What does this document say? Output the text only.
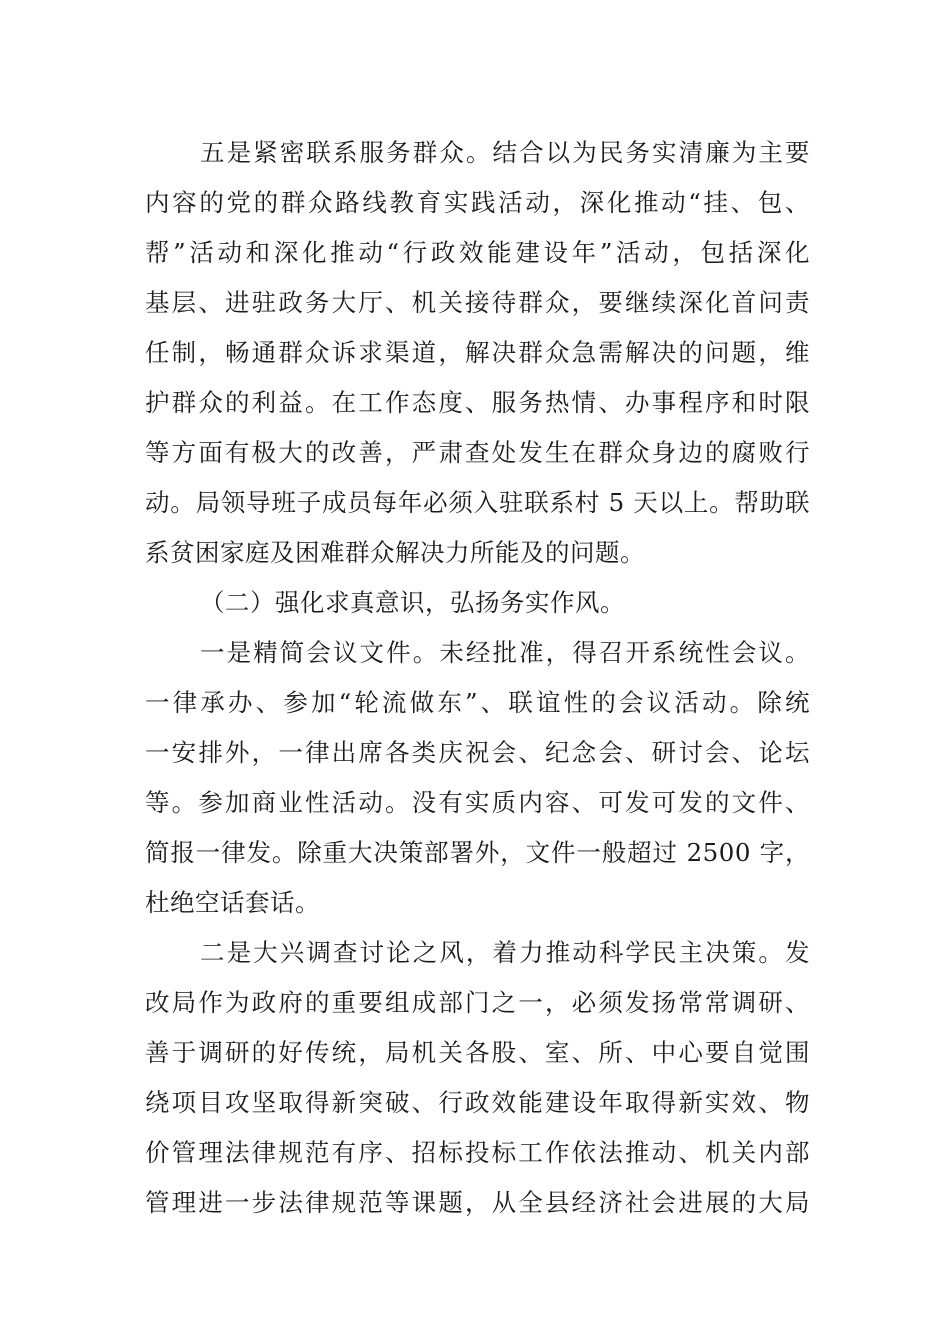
五是紧密联系服务群众。结合以为民务实清廉为主要
内容的党的群众路线教育实践活动，深化推动“挂、包、
帮”活动和深化推动“行政效能建设年”活动，包括深化
基层、进驻政务大厅、机关接待群众，要继续深化首问责
任制，畅通群众诉求渠道，解决群众急需解决的问题，维
护群众的利益。在工作态度、服务热情、办事程序和时限
等方面有极大的改善，严肃查处发生在群众身边的腐败行
动。局领导班子成员每年必须入驻联系村 5 天以上。帮助联
系贫困家庭及困难群众解决力所能及的问题。
（二）强化求真意识，弘扬务实作风。
一是精简会议文件。未经批准，得召开系统性会议。
一律承办、参加“轮流做东”、联谊性的会议活动。除统
一安排外，一律出席各类庆祝会、纪念会、研讨会、论坛
等。参加商业性活动。没有实质内容、可发可发的文件、
简报一律发。除重大决策部署外，文件一般超过 2500 字，
杜绝空话套话。
二是大兴调查讨论之风，着力推动科学民主决策。发
改局作为政府的重要组成部门之一，必须发扬常常调研、
善于调研的好传统，局机关各股、室、所、中心要自觉围
绕项目攻坚取得新突破、行政效能建设年取得新实效、物
价管理法律规范有序、招标投标工作依法推动、机关内部
管理进一步法律规范等课题，从全县经济社会进展的大局
